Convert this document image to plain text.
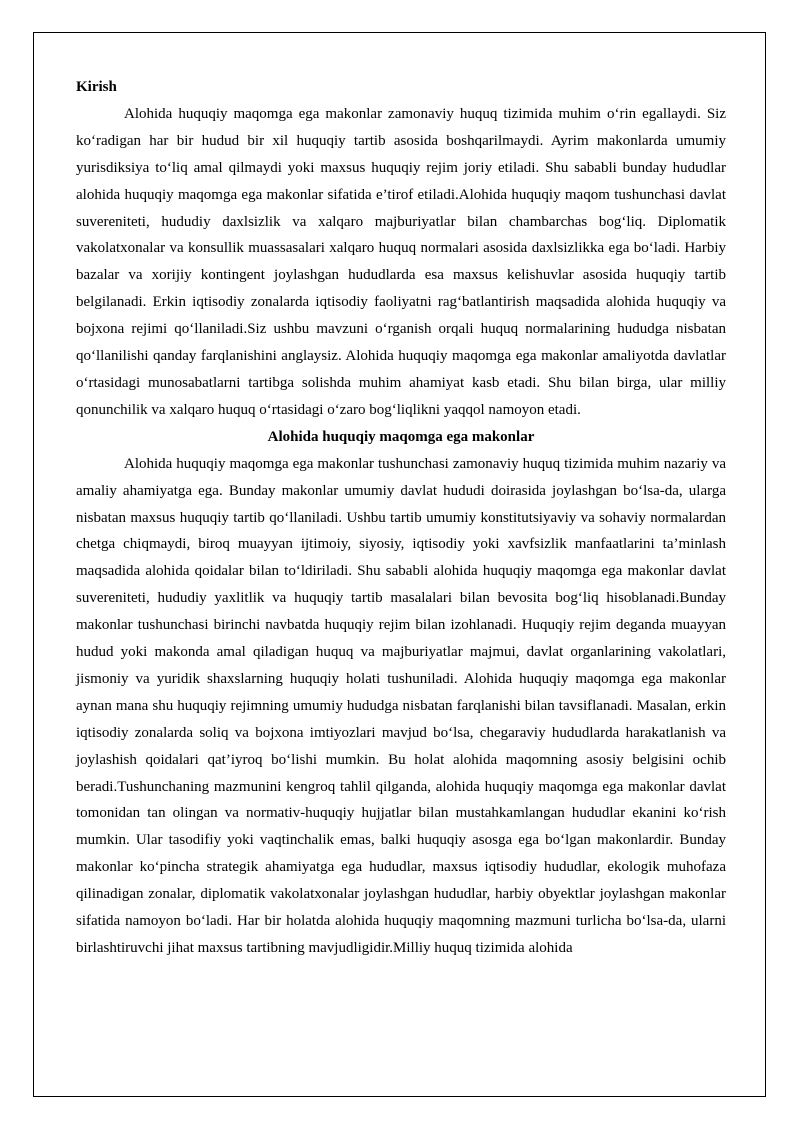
Kirish

Alohida huquqiy maqomga ega makonlar zamonaviy huquq tizimida muhim o‘rin egallaydi. Siz ko‘radigan har bir hudud bir xil huquqiy tartib asosida boshqarilmaydi. Ayrim makonlarda umumiy yurisdiksiya to‘liq amal qilmaydi yoki maxsus huquqiy rejim joriy etiladi. Shu sababli bunday hududlar alohida huquqiy maqomga ega makonlar sifatida e’tirof etiladi.Alohida huquqiy maqom tushunchasi davlat suvereniteti, hududiy daxlsizlik va xalqaro majburiyatlar bilan chambarchas bog‘liq. Diplomatik vakolatxonalar va konsullik muassasalari xalqaro huquq normalari asosida daxlsizlikka ega bo‘ladi. Harbiy bazalar va xorijiy kontingent joylashgan hududlarda esa maxsus kelishuvlar asosida huquqiy tartib belgilanadi. Erkin iqtisodiy zonalarda iqtisodiy faoliyatni rag‘batlantirish maqsadida alohida huquqiy va bojxona rejimi qo‘llaniladi.Siz ushbu mavzuni o‘rganish orqali huquq normalarining hududga nisbatan qo‘llanilishi qanday farqlanishini anglaysiz. Alohida huquqiy maqomga ega makonlar amaliyotda davlatlar o‘rtasidagi munosabatlarni tartibga solishda muhim ahamiyat kasb etadi. Shu bilan birga, ular milliy qonunchilik va xalqaro huquq o‘rtasidagi o‘zaro bog‘liqlikni yaqqol namoyon etadi.

Alohida huquqiy maqomga ega makonlar

Alohida huquqiy maqomga ega makonlar tushunchasi zamonaviy huquq tizimida muhim nazariy va amaliy ahamiyatga ega. Bunday makonlar umumiy davlat hududi doirasida joylashgan bo‘lsa-da, ularga nisbatan maxsus huquqiy tartib qo‘llaniladi. Ushbu tartib umumiy konstitutsiyaviy va sohaviy normalardan chetga chiqmaydi, biroq muayyan ijtimoiy, siyosiy, iqtisodiy yoki xavfsizlik manfaatlarini ta’minlash maqsadida alohida qoidalar bilan to‘ldiriladi. Shu sababli alohida huquqiy maqomga ega makonlar davlat suvereniteti, hududiy yaxlitlik va huquqiy tartib masalalari bilan bevosita bog‘liq hisoblanadi.Bunday makonlar tushunchasi birinchi navbatda huquqiy rejim bilan izohlanadi. Huquqiy rejim deganda muayyan hudud yoki makonda amal qiladigan huquq va majburiyatlar majmui, davlat organlarining vakolatlari, jismoniy va yuridik shaxslarning huquqiy holati tushuniladi. Alohida huquqiy maqomga ega makonlar aynan mana shu huquqiy rejimning umumiy hududga nisbatan farqlanishi bilan tavsiflanadi. Masalan, erkin iqtisodiy zonalarda soliq va bojxona imtiyozlari mavjud bo‘lsa, chegaraviy hududlarda harakatlanish va joylashish qoidalari qat’iyroq bo‘lishi mumkin. Bu holat alohida maqomning asosiy belgisini ochib beradi.Tushunchaning mazmunini kengroq tahlil qilganda, alohida huquqiy maqomga ega makonlar davlat tomonidan tan olingan va normativ-huquqiy hujjatlar bilan mustahkamlangan hududlar ekanini ko‘rish mumkin. Ular tasodifiy yoki vaqtinchalik emas, balki huquqiy asosga ega bo‘lgan makonlardir. Bunday makonlar ko‘pincha strategik ahamiyatga ega hududlar, maxsus iqtisodiy hududlar, ekologik muhofaza qilinadigan zonalar, diplomatik vakolatxonalar joylashgan hududlar, harbiy obyektlar joylashgan makonlar sifatida namoyon bo‘ladi. Har bir holatda alohida huquqiy maqomning mazmuni turlicha bo‘lsa-da, ularni birlashtiruvchi jihat maxsus tartibning mavjudligidir.Milliy huquq tizimida alohida
